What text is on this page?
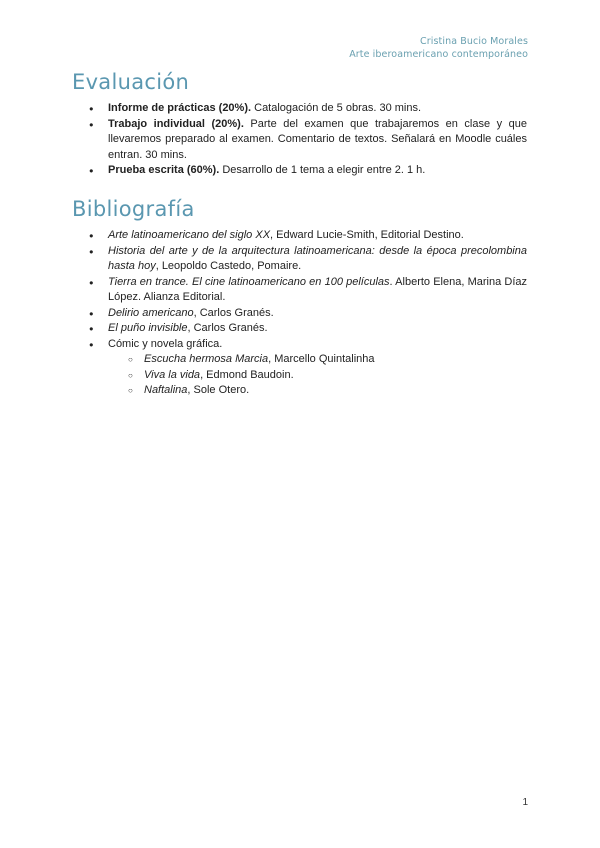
Cristina Bucio Morales
Arte iberoamericano contemporáneo
Evaluación
● Informe de prácticas (20%). Catalogación de 5 obras. 30 mins.
● Trabajo individual (20%). Parte del examen que trabajaremos en clase y que llevaremos preparado al examen. Comentario de textos. Señalará en Moodle cuáles entran. 30 mins.
● Prueba escrita (60%). Desarrollo de 1 tema a elegir entre 2. 1 h.
Bibliografía
● Arte latinoamericano del siglo XX, Edward Lucie-Smith, Editorial Destino.
● Historia del arte y de la arquitectura latinoamericana: desde la época precolombina hasta hoy, Leopoldo Castedo, Pomaire.
● Tierra en trance. El cine latinoamericano en 100 películas. Alberto Elena, Marina Díaz López. Alianza Editorial.
● Delirio americano, Carlos Granés.
● El puño invisible, Carlos Granés.
● Cómic y novela gráfica.
○ Escucha hermosa Marcia, Marcello Quintalinha
○ Viva la vida, Edmond Baudoin.
○ Naftalina, Sole Otero.
1
